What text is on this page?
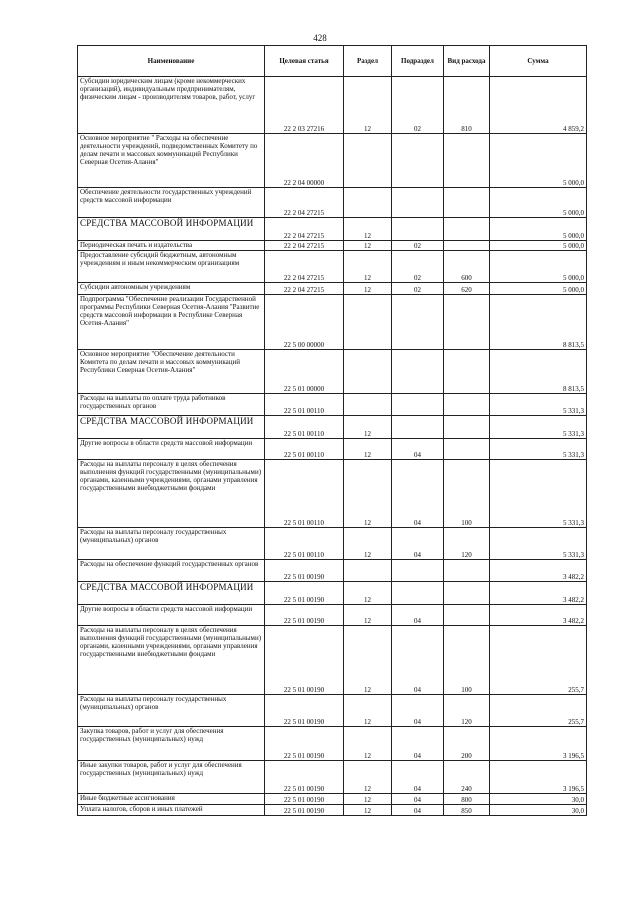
428
Наименование	Целевая статья	Раздел	Подраздел	Вид расхода	Сумма
Субсидии юридическим лицам (кроме некоммерческих организаций), индивидуальным предпринимателям, физическим лицам - производителям товаров, работ, услуг	22 2 03 27216	12	02	810	4 859,2
Основное мероприятие " Расходы на обеспечение деятельности учреждений, подведомственных Комитету по делам печати и массовых коммуникаций Республики Северная Осетия-Алания"	22 2 04 00000				5 000,0
Обеспечение деятельности государственных учреждений средств массовой информации	22 2 04 27215				5 000,0
СРЕДСТВА МАССОВОЙ ИНФОРМАЦИИ	22 2 04 27215	12			5 000,0
Периодическая печать и издательства	22 2 04 27215	12	02		5 000,0
Предоставление субсидий бюджетным, автономным учреждениям и иным некоммерческим организациям	22 2 04 27215	12	02	600	5 000,0
Субсидии автономным учреждениям	22 2 04 27215	12	02	620	5 000,0
Подпрограмма "Обеспечение реализации Государственной программы Республики Северная Осетия-Алания "Развитие средств массовой информации в Республике Северная Осетия-Алания"	22 5 00 00000				8 813,5
Основное мероприятие "Обеспечение деятельности Комитета по делам печати и массовых коммуникаций Республики Северная Осетия-Алания"	22 5 01 00000				8 813,5
Расходы на выплаты по оплате труда работников государственных органов	22 5 01 00110				5 331,3
СРЕДСТВА МАССОВОЙ ИНФОРМАЦИИ	22 5 01 00110	12			5 331,3
Другие вопросы в области средств массовой информации	22 5 01 00110	12	04		5 331,3
Расходы на выплаты персоналу в целях обеспечения выполнения функций государственными (муниципальными) органами, казенными учреждениями, органами управления государственными внебюджетными фондами	22 5 01 00110	12	04	100	5 331,3
Расходы на выплаты персоналу государственных (муниципальных) органов	22 5 01 00110	12	04	120	5 331,3
Расходы на обеспечение функций государственных органов	22 5 01 00190				3 482,2
СРЕДСТВА МАССОВОЙ ИНФОРМАЦИИ	22 5 01 00190	12			3 482,2
Другие вопросы в области средств массовой информации	22 5 01 00190	12	04		3 482,2
Расходы на выплаты персоналу в целях обеспечения выполнения функций государственными (муниципальными) органами, казенными учреждениями, органами управления государственными внебюджетными фондами	22 5 01 00190	12	04	100	255,7
Расходы на выплаты персоналу государственных (муниципальных) органов	22 5 01 00190	12	04	120	255,7
Закупка товаров, работ и услуг для обеспечения государственных (муниципальных) нужд	22 5 01 00190	12	04	200	3 196,5
Иные закупки товаров, работ и услуг для обеспечения государственных (муниципальных) нужд	22 5 01 00190	12	04	240	3 196,5
Иные бюджетные ассигнования	22 5 01 00190	12	04	800	30,0
Уплата налогов, сборов и иных платежей	22 5 01 00190	12	04	850	30,0
